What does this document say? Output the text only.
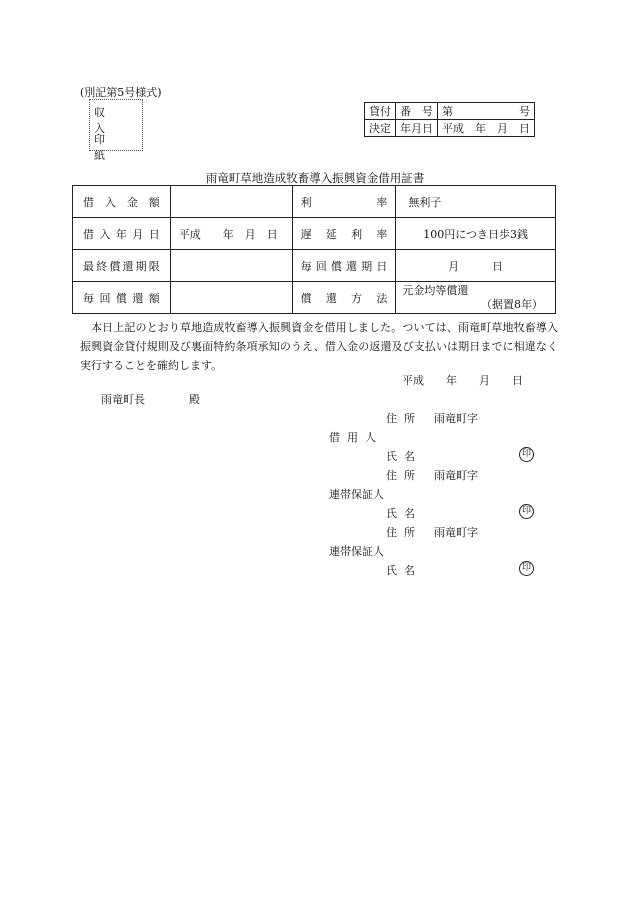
(別記第5号様式)
収入
印紙
貸付	番　号	第 号

決定	年月日	平成　年　月　日
雨竜町草地造成牧畜導入振興資金借用証書
借入金額		利率	無利子
借入年月日	平成　　年　月　日	遅延利率	100円につき日歩3銭
最終償還期限		毎回償還期日	月　　　日
毎回償還額		償還方法	元金均等償還
（据置8年）
本日上記のとおり草地造成牧畜導入振興資金を借用しました。ついては、雨竜町草地牧畜導入振興資金貸付規則及び裏面特約条項承知のうえ、借入金の返還及び支払いは期日までに相違なく実行することを確約します。
平成　　年　　月　　日
雨竜町長　　　　殿
住所 雨竜町字
借用人
氏名	印
住所 雨竜町字
連帯保証人
氏名	印
住所 雨竜町字
連帯保証人
氏名	印
